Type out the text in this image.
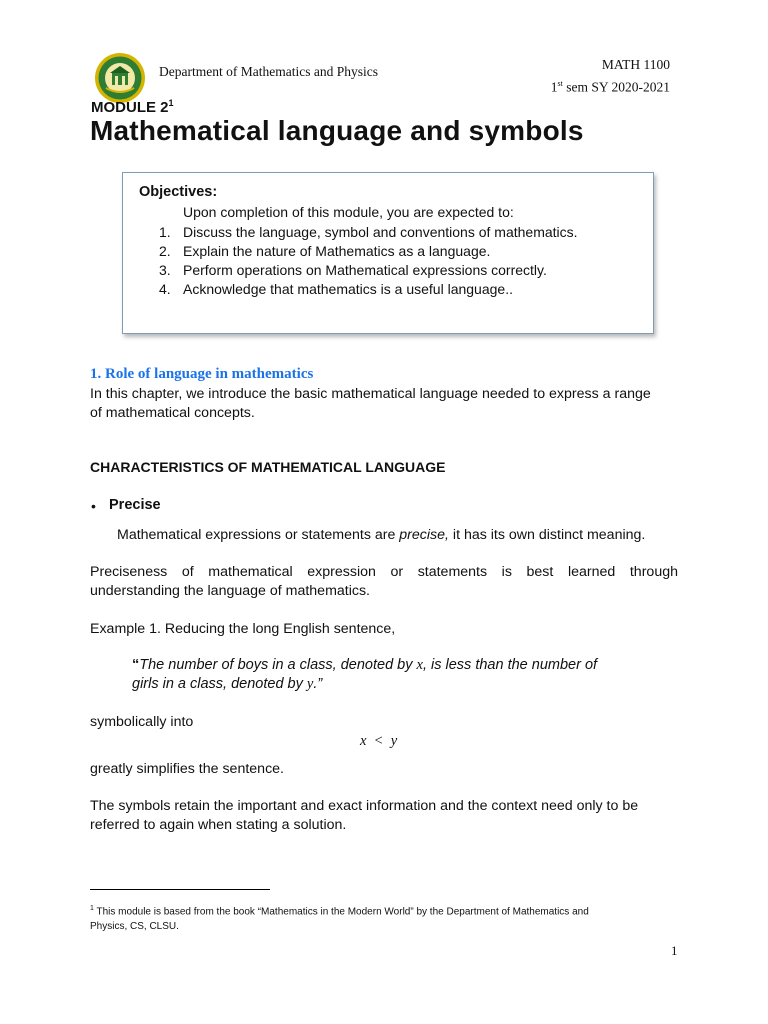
Department of Mathematics and Physics	MATH 1100
1st sem SY 2020-2021
MODULE $2^1$
Mathematical language and symbols
Objectives:
Upon completion of this module, you are expected to:
1. Discuss the language, symbol and conventions of mathematics.
2. Explain the nature of Mathematics as a language.
3. Perform operations on Mathematical expressions correctly.
4. Acknowledge that mathematics is a useful language..
1. Role of language in mathematics
In this chapter, we introduce the basic mathematical language needed to express a range
of mathematical concepts.
CHARACTERISTICS OF MATHEMATICAL LANGUAGE
• Precise
Mathematical expressions or statements are precise, it has its own distinct meaning.
Preciseness of mathematical expression or statements is best learned through
understanding the language of mathematics.
Example 1. Reducing the long English sentence,
“The number of boys in a class, denoted by x, is less than the number of
girls in a class, denoted by y.”
symbolically into
x  <  y
greatly simplifies the sentence.
The symbols retain the important and exact information and the context need only to be
referred to again when stating a solution.
$^1$ This module is based from the book “Mathematics in the Modern World” by the Department of Mathematics and
Physics, CS, CLSU.
1
